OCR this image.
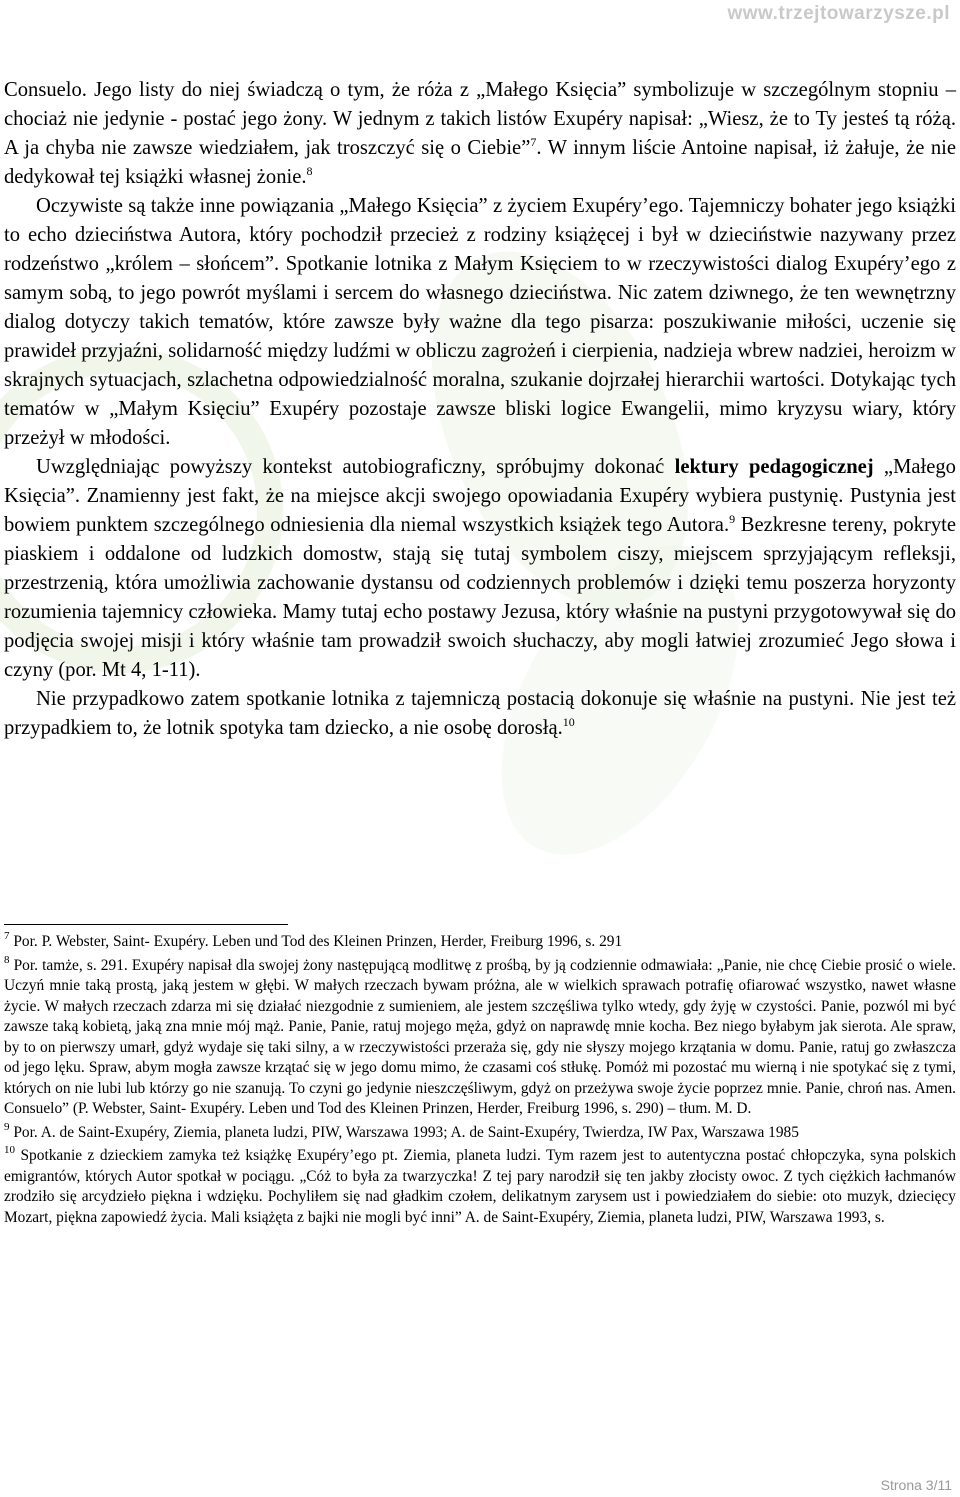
www.trzejtowarzysze.pl

Consuelo. Jego listy do niej świadczą o tym, że róża z „Małego Księcia” symbolizuje w szczególnym stopniu – chociaż nie jedynie - postać jego żony. W jednym z takich listów Exupéry napisał: „Wiesz, że to Ty jesteś tą różą. A ja chyba nie zawsze wiedziałem, jak troszczyć się o Ciebie”$^7$. W innym liście Antoine napisał, iż żałuje, że nie dedykował tej książki własnej żonie.$^8$

Oczywiste są także inne powiązania „Małego Księcia” z życiem Exupéry’ego. Tajemniczy bohater jego książki to echo dzieciństwa Autora, który pochodził przecież z rodziny książęcej i był w dzieciństwie nazywany przez rodzeństwo „królem – słońcem”. Spotkanie lotnika z Małym Księciem to w rzeczywistości dialog Exupéry’ego z samym sobą, to jego powrót myślami i sercem do własnego dzieciństwa. Nic zatem dziwnego, że ten wewnętrzny dialog dotyczy takich tematów, które zawsze były ważne dla tego pisarza: poszukiwanie miłości, uczenie się prawideł przyjaźni, solidarność między ludźmi w obliczu zagrożeń i cierpienia, nadzieja wbrew nadziei, heroizm w skrajnych sytuacjach, szlachetna odpowiedzialność moralna, szukanie dojrzałej hierarchii wartości. Dotykając tych tematów w „Małym Księciu” Exupéry pozostaje zawsze bliski logice Ewangelii, mimo kryzysu wiary, który przeżył w młodości.

Uwzględniając powyższy kontekst autobiograficzny, spróbujmy dokonać lektury pedagogicznej „Małego Księcia”. Znamienny jest fakt, że na miejsce akcji swojego opowiadania Exupéry wybiera pustynię. Pustynia jest bowiem punktem szczególnego odniesienia dla niemal wszystkich książek tego Autora.$^9$ Bezkresne tereny, pokryte piaskiem i oddalone od ludzkich domostw, stają się tutaj symbolem ciszy, miejscem sprzyjającym refleksji, przestrzenią, która umożliwia zachowanie dystansu od codziennych problemów i dzięki temu poszerza horyzonty rozumienia tajemnicy człowieka. Mamy tutaj echo postawy Jezusa, który właśnie na pustyni przygotowywał się do podjęcia swojej misji i który właśnie tam prowadził swoich słuchaczy, aby mogli łatwiej zrozumieć Jego słowa i czyny (por. Mt 4, 1-11).

Nie przypadkowo zatem spotkanie lotnika z tajemniczą postacią dokonuje się właśnie na pustyni. Nie jest też przypadkiem to, że lotnik spotyka tam dziecko, a nie osobę dorosłą.$^{10}$

$^7$ Por. P. Webster, Saint- Exupéry. Leben und Tod des Kleinen Prinzen, Herder, Freiburg 1996, s. 291

$^8$ Por. tamże, s. 291. Exupéry napisał dla swojej żony następującą modlitwę z prośbą, by ją codziennie odmawiała: „Panie, nie chcę Ciebie prosić o wiele. Uczyń mnie taką prostą, jaką jestem w głębi. W małych rzeczach bywam próżna, ale w wielkich sprawach potrafię ofiarować wszystko, nawet własne życie. W małych rzeczach zdarza mi się działać niezgodnie z sumieniem, ale jestem szczęśliwa tylko wtedy, gdy żyję w czystości. Panie, pozwól mi być zawsze taką kobietą, jaką zna mnie mój mąż. Panie, Panie, ratuj mojego męża, gdyż on naprawdę mnie kocha. Bez niego byłabym jak sierota. Ale spraw, by to on pierwszy umarł, gdyż wydaje się taki silny, a w rzeczywistości przeraża się, gdy nie słyszy mojego krzątania w domu. Panie, ratuj go zwłaszcza od jego lęku. Spraw, abym mogła zawsze krzątać się w jego domu mimo, że czasami coś stłukę. Pomóż mi pozostać mu wierną i nie spotykać się z tymi, których on nie lubi lub którzy go nie szanują. To czyni go jedynie nieszczęśliwym, gdyż on przeżywa swoje życie poprzez mnie. Panie, chroń nas. Amen. Consuelo” (P. Webster, Saint- Exupéry. Leben und Tod des Kleinen Prinzen, Herder, Freiburg 1996, s. 290) – tłum. M. D.

$^9$ Por. A. de Saint-Exupéry, Ziemia, planeta ludzi, PIW, Warszawa 1993; A. de Saint-Exupéry, Twierdza, IW Pax, Warszawa 1985

$^{10}$ Spotkanie z dzieckiem zamyka też książkę Exupéry’ego pt. Ziemia, planeta ludzi. Tym razem jest to autentyczna postać chłopczyka, syna polskich emigrantów, których Autor spotkał w pociągu. „Cóż to była za twarzyczka! Z tej pary narodził się ten jakby złocisty owoc. Z tych ciężkich łachmanów zrodziło się arcydzieło piękna i wdzięku. Pochyliłem się nad gładkim czołem, delikatnym zarysem ust i powiedziałem do siebie: oto muzyk, dziecięcy Mozart, piękna zapowiedź życia. Mali książęta z bajki nie mogli być inni” A. de Saint-Exupéry, Ziemia, planeta ludzi, PIW, Warszawa 1993, s.

Strona 3/11
